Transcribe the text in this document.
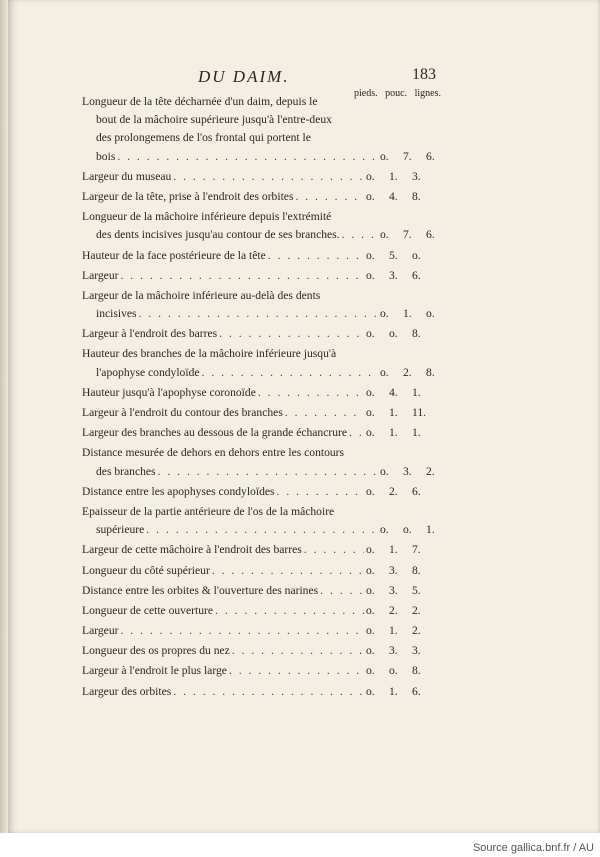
DU DAIM.	183
pieds. pouc. lignes.
Longueur de la tête décharnée d'un daim, depuis le
bout de la mâchoire supérieure jusqu'à l'entre-deux
des prolongemens de l'os frontal qui portent le
bois . . .	o.	7.	6.
Largeur du museau . . .	o.	1.	3.
Largeur de la tête, prise à l'endroit des orbites . . .	o.	4.	8.
Longueur de la mâchoire inférieure depuis l'extrémité
des dents incisives jusqu'au contour de ses branches. . . .	o.	7.	6.
Hauteur de la face postérieure de la tête . . .	o.	5.	o.
Largeur . . .	o.	3.	6.
Largeur de la mâchoire inférieure au-delà des dents
incisives . . .	o.	1.	o.
Largeur à l'endroit des barres . . .	o.	o.	8.
Hauteur des branches de la mâchoire inférieure jusqu'à
l'apophyse condyloïde . . .	o.	2.	8.
Hauteur jusqu'à l'apophyse coronoïde . . .	o.	4.	1.
Largeur à l'endroit du contour des branches . . .	o.	1.	11.
Largeur des branches au dessous de la grande échancrure . . . o.	1.	1.
Distance mesurée de dehors en dehors entre les contours
des branches . . .	o.	3.	2.
Distance entre les apophyses condyloïdes . . .	o.	2.	6.
Epaisseur de la partie antérieure de l'os de la mâchoire
supérieure . . .	o.	o.	1.
Largeur de cette mâchoire à l'endroit des barres . . .	o.	1.	7.
Longueur du côté supérieur . . .	o.	3.	8.
Distance entre les orbites & l'ouverture des narines . . .	o.	3.	5.
Longueur de cette ouverture . . .	o.	2.	2.
Largeur . . .	o.	1.	2.
Longueur des os propres du nez . . .	o.	3.	3.
Largeur à l'endroit le plus large . . .	o.	o.	8.
Largeur des orbites . . .	o.	1.	6.
Source gallica.bnf.fr / AU
